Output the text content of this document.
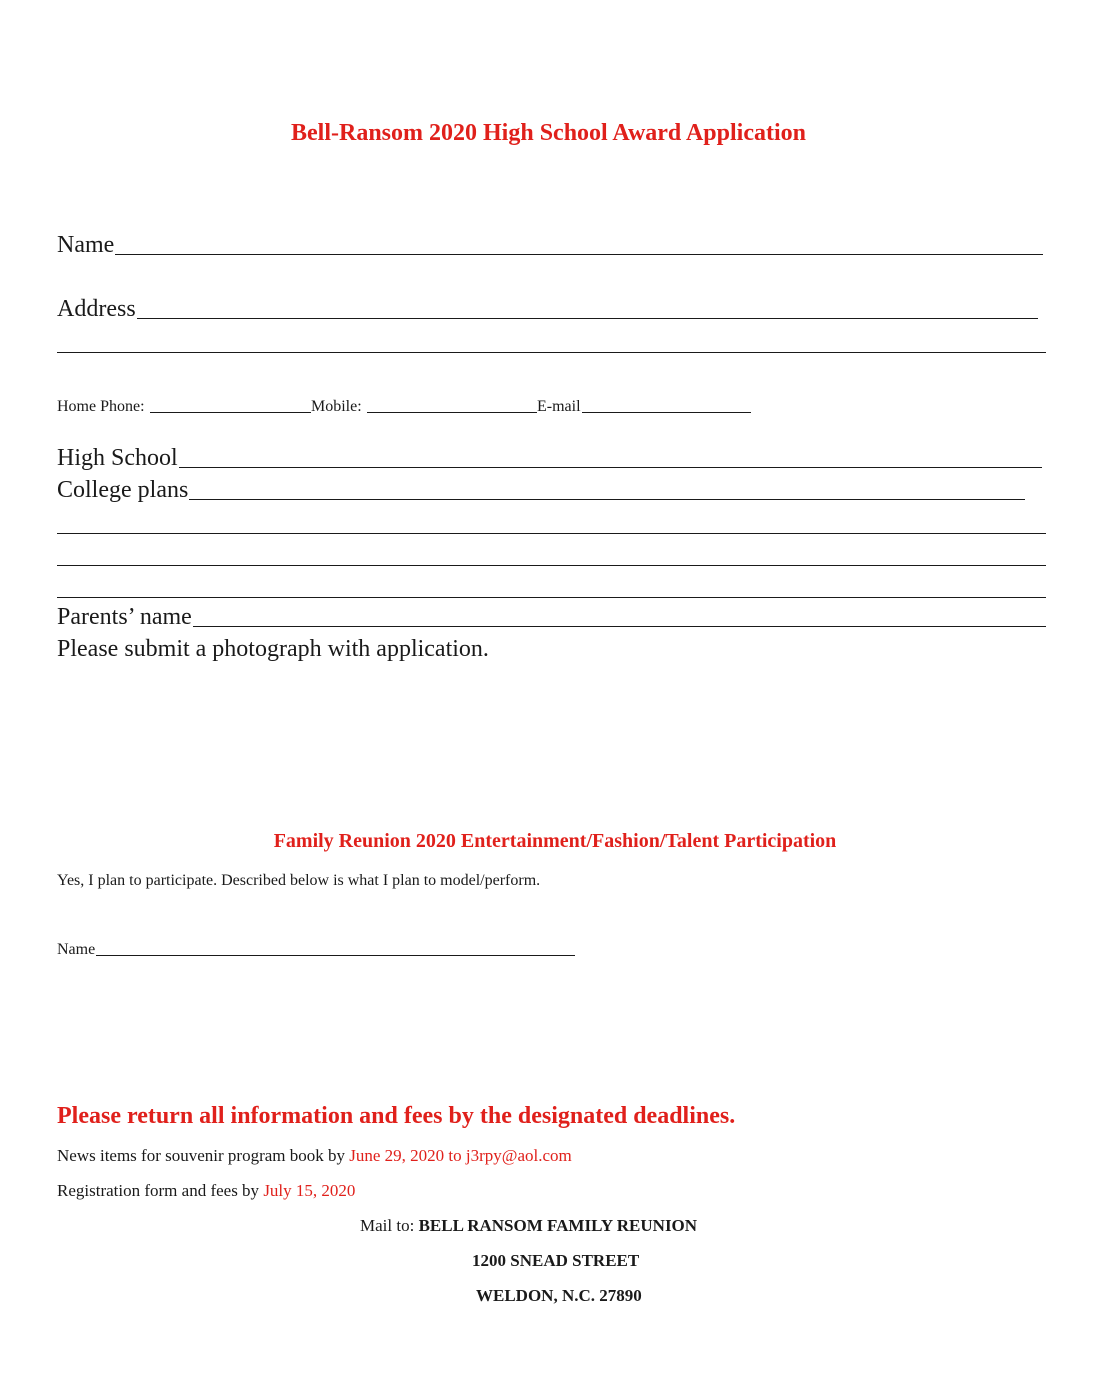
Bell-Ransom 2020 High School Award Application
Name
Address
Home Phone:	Mobile:	E-mail
High School
College plans
Parents’ name
Please submit a photograph with application.
Family Reunion 2020 Entertainment/Fashion/Talent Participation
Yes, I plan to participate. Described below is what I plan to model/perform.
Name
Please return all information and fees by the designated deadlines.
News items for souvenir program book by June 29, 2020 to j3rpy@aol.com
Registration form and fees by July 15, 2020
Mail to: BELL RANSOM FAMILY REUNION
1200 SNEAD STREET
WELDON, N.C. 27890
